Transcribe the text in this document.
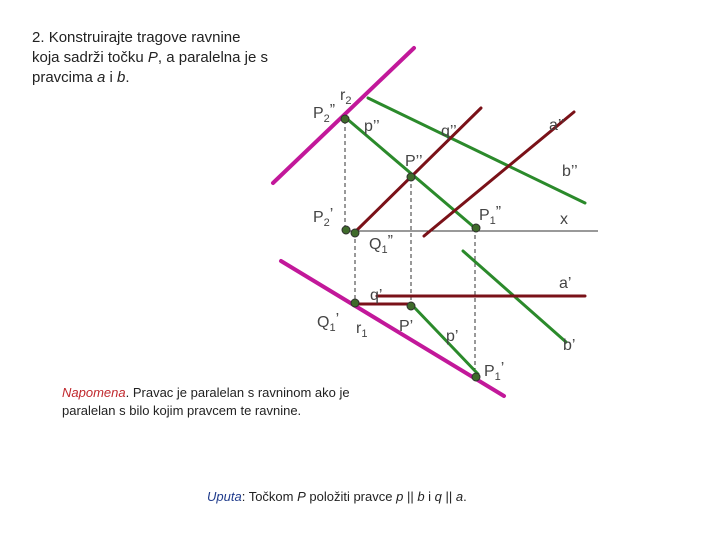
2. Konstruirajte tragove ravnine koja sadrži točku P, a paralelna je s pravcima a i b.
$r_2$
$P_2$”
p’’	q’’	a’’
P’’
b’’
$P_2$’	$P_1$”	x
$Q_1$”
a’
q’
$Q_1$’
$r_1$ P’
p’
b’
$P_1$’
Napomena. Pravac je paralelan s ravninom ako je paralelan s bilo kojim pravcem te ravnine.
Uputa: Točkom P položiti pravce p || b i q || a.
